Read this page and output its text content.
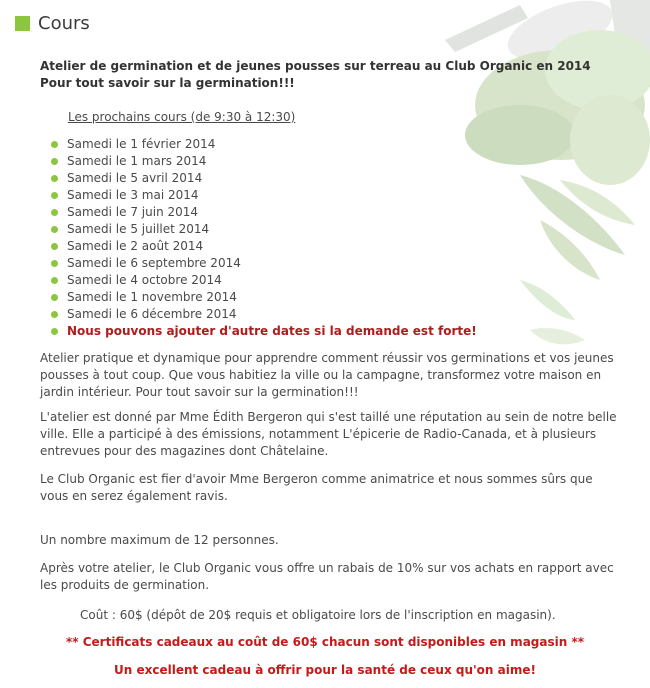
Cours
Atelier de germination et de jeunes pousses sur terreau au Club Organic en 2014
Pour tout savoir sur la germination!!!
Les prochains cours (de 9:30 à 12:30)
Samedi le 1 février 2014
Samedi le 1 mars 2014
Samedi le 5 avril 2014
Samedi le 3 mai 2014
Samedi le 7 juin 2014
Samedi le 5 juillet 2014
Samedi le 2 août 2014
Samedi le 6 septembre 2014
Samedi le 4 octobre 2014
Samedi le 1 novembre 2014
Samedi le 6 décembre 2014
Nous pouvons ajouter d'autre dates si la demande est forte!

Atelier pratique et dynamique pour apprendre comment réussir vos germinations et vos jeunes pousses à tout coup. Que vous habitiez la ville ou la campagne, transformez votre maison en jardin intérieur. Pour tout savoir sur la germination!!!

L'atelier est donné par Mme Édith Bergeron qui s'est taillé une réputation au sein de notre belle ville. Elle a participé à des émissions, notamment L'épicerie de Radio-Canada, et à plusieurs entrevues pour des magazines dont Châtelaine.

Le Club Organic est fier d'avoir Mme Bergeron comme animatrice et nous sommes sûrs que vous en serez également ravis.

Un nombre maximum de 12 personnes.

Après votre atelier, le Club Organic vous offre un rabais de 10% sur vos achats en rapport avec les produits de germination.

Coût : 60$ (dépôt de 20$ requis et obligatoire lors de l'inscription en magasin).
** Certificats cadeaux au coût de 60$ chacun sont disponibles en magasin **
Un excellent cadeau à offrir pour la santé de ceux qu'on aime!
